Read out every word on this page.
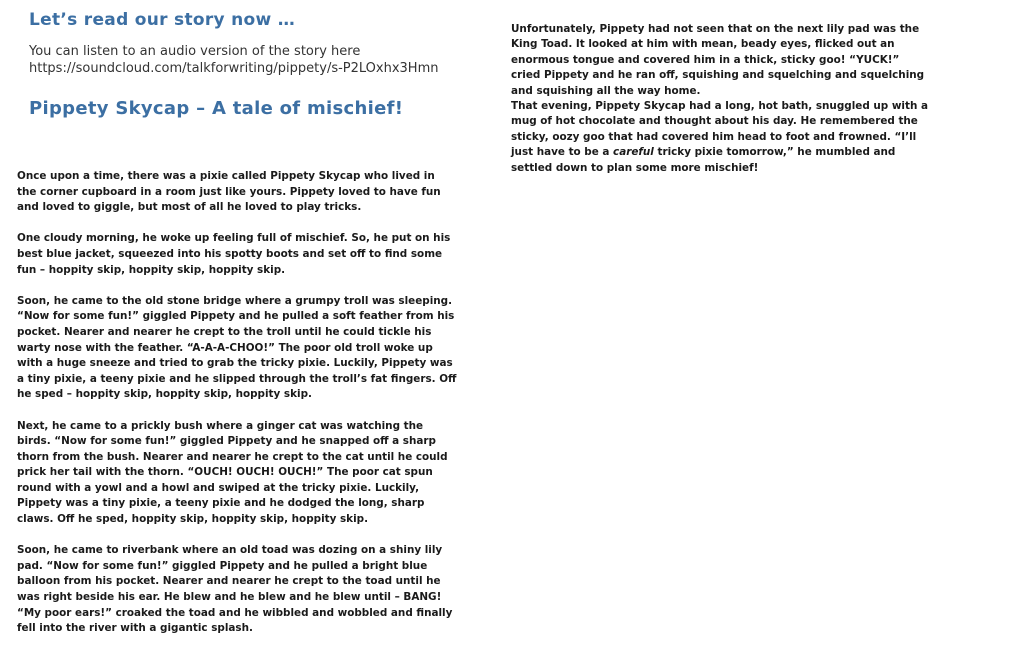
Let’s read our story now …
You can listen to an audio version of the story here
https://soundcloud.com/talkforwriting/pippety/s-P2LOxhx3Hmn
Pippety Skycap – A tale of mischief!

Once upon a time, there was a pixie called Pippety Skycap who lived in the corner cupboard in a room just like yours. Pippety loved to have fun and loved to giggle, but most of all he loved to play tricks.

One cloudy morning, he woke up feeling full of mischief. So, he put on his best blue jacket, squeezed into his spotty boots and set off to find some fun – hoppity skip, hoppity skip, hoppity skip.

Soon, he came to the old stone bridge where a grumpy troll was sleeping. “Now for some fun!” giggled Pippety and he pulled a soft feather from his pocket. Nearer and nearer he crept to the troll until he could tickle his warty nose with the feather. “A-A-A-CHOO!” The poor old troll woke up with a huge sneeze and tried to grab the tricky pixie. Luckily, Pippety was a tiny pixie, a teeny pixie and he slipped through the troll’s fat fingers. Off he sped – hoppity skip, hoppity skip, hoppity skip.

Next, he came to a prickly bush where a ginger cat was watching the birds. “Now for some fun!” giggled Pippety and he snapped off a sharp thorn from the bush. Nearer and nearer he crept to the cat until he could prick her tail with the thorn. “OUCH! OUCH! OUCH!” The poor cat spun round with a yowl and a howl and swiped at the tricky pixie. Luckily, Pippety was a tiny pixie, a teeny pixie and he dodged the long, sharp claws. Off he sped, hoppity skip, hoppity skip, hoppity skip.

Soon, he came to riverbank where an old toad was dozing on a shiny lily pad. “Now for some fun!” giggled Pippety and he pulled a bright blue balloon from his pocket. Nearer and nearer he crept to the toad until he was right beside his ear. He blew and he blew and he blew until – BANG! “My poor ears!” croaked the toad and he wibbled and wobbled and finally fell into the river with a gigantic splash.

Unfortunately, Pippety had not seen that on the next lily pad was the King Toad. It looked at him with mean, beady eyes, flicked out an enormous tongue and covered him in a thick, sticky goo! “YUCK!” cried Pippety and he ran off, squishing and squelching and squelching and squishing all the way home.

That evening, Pippety Skycap had a long, hot bath, snuggled up with a mug of hot chocolate and thought about his day. He remembered the sticky, oozy goo that had covered him head to foot and frowned. “I’ll just have to be a careful tricky pixie tomorrow,” he mumbled and settled down to plan some more mischief!
